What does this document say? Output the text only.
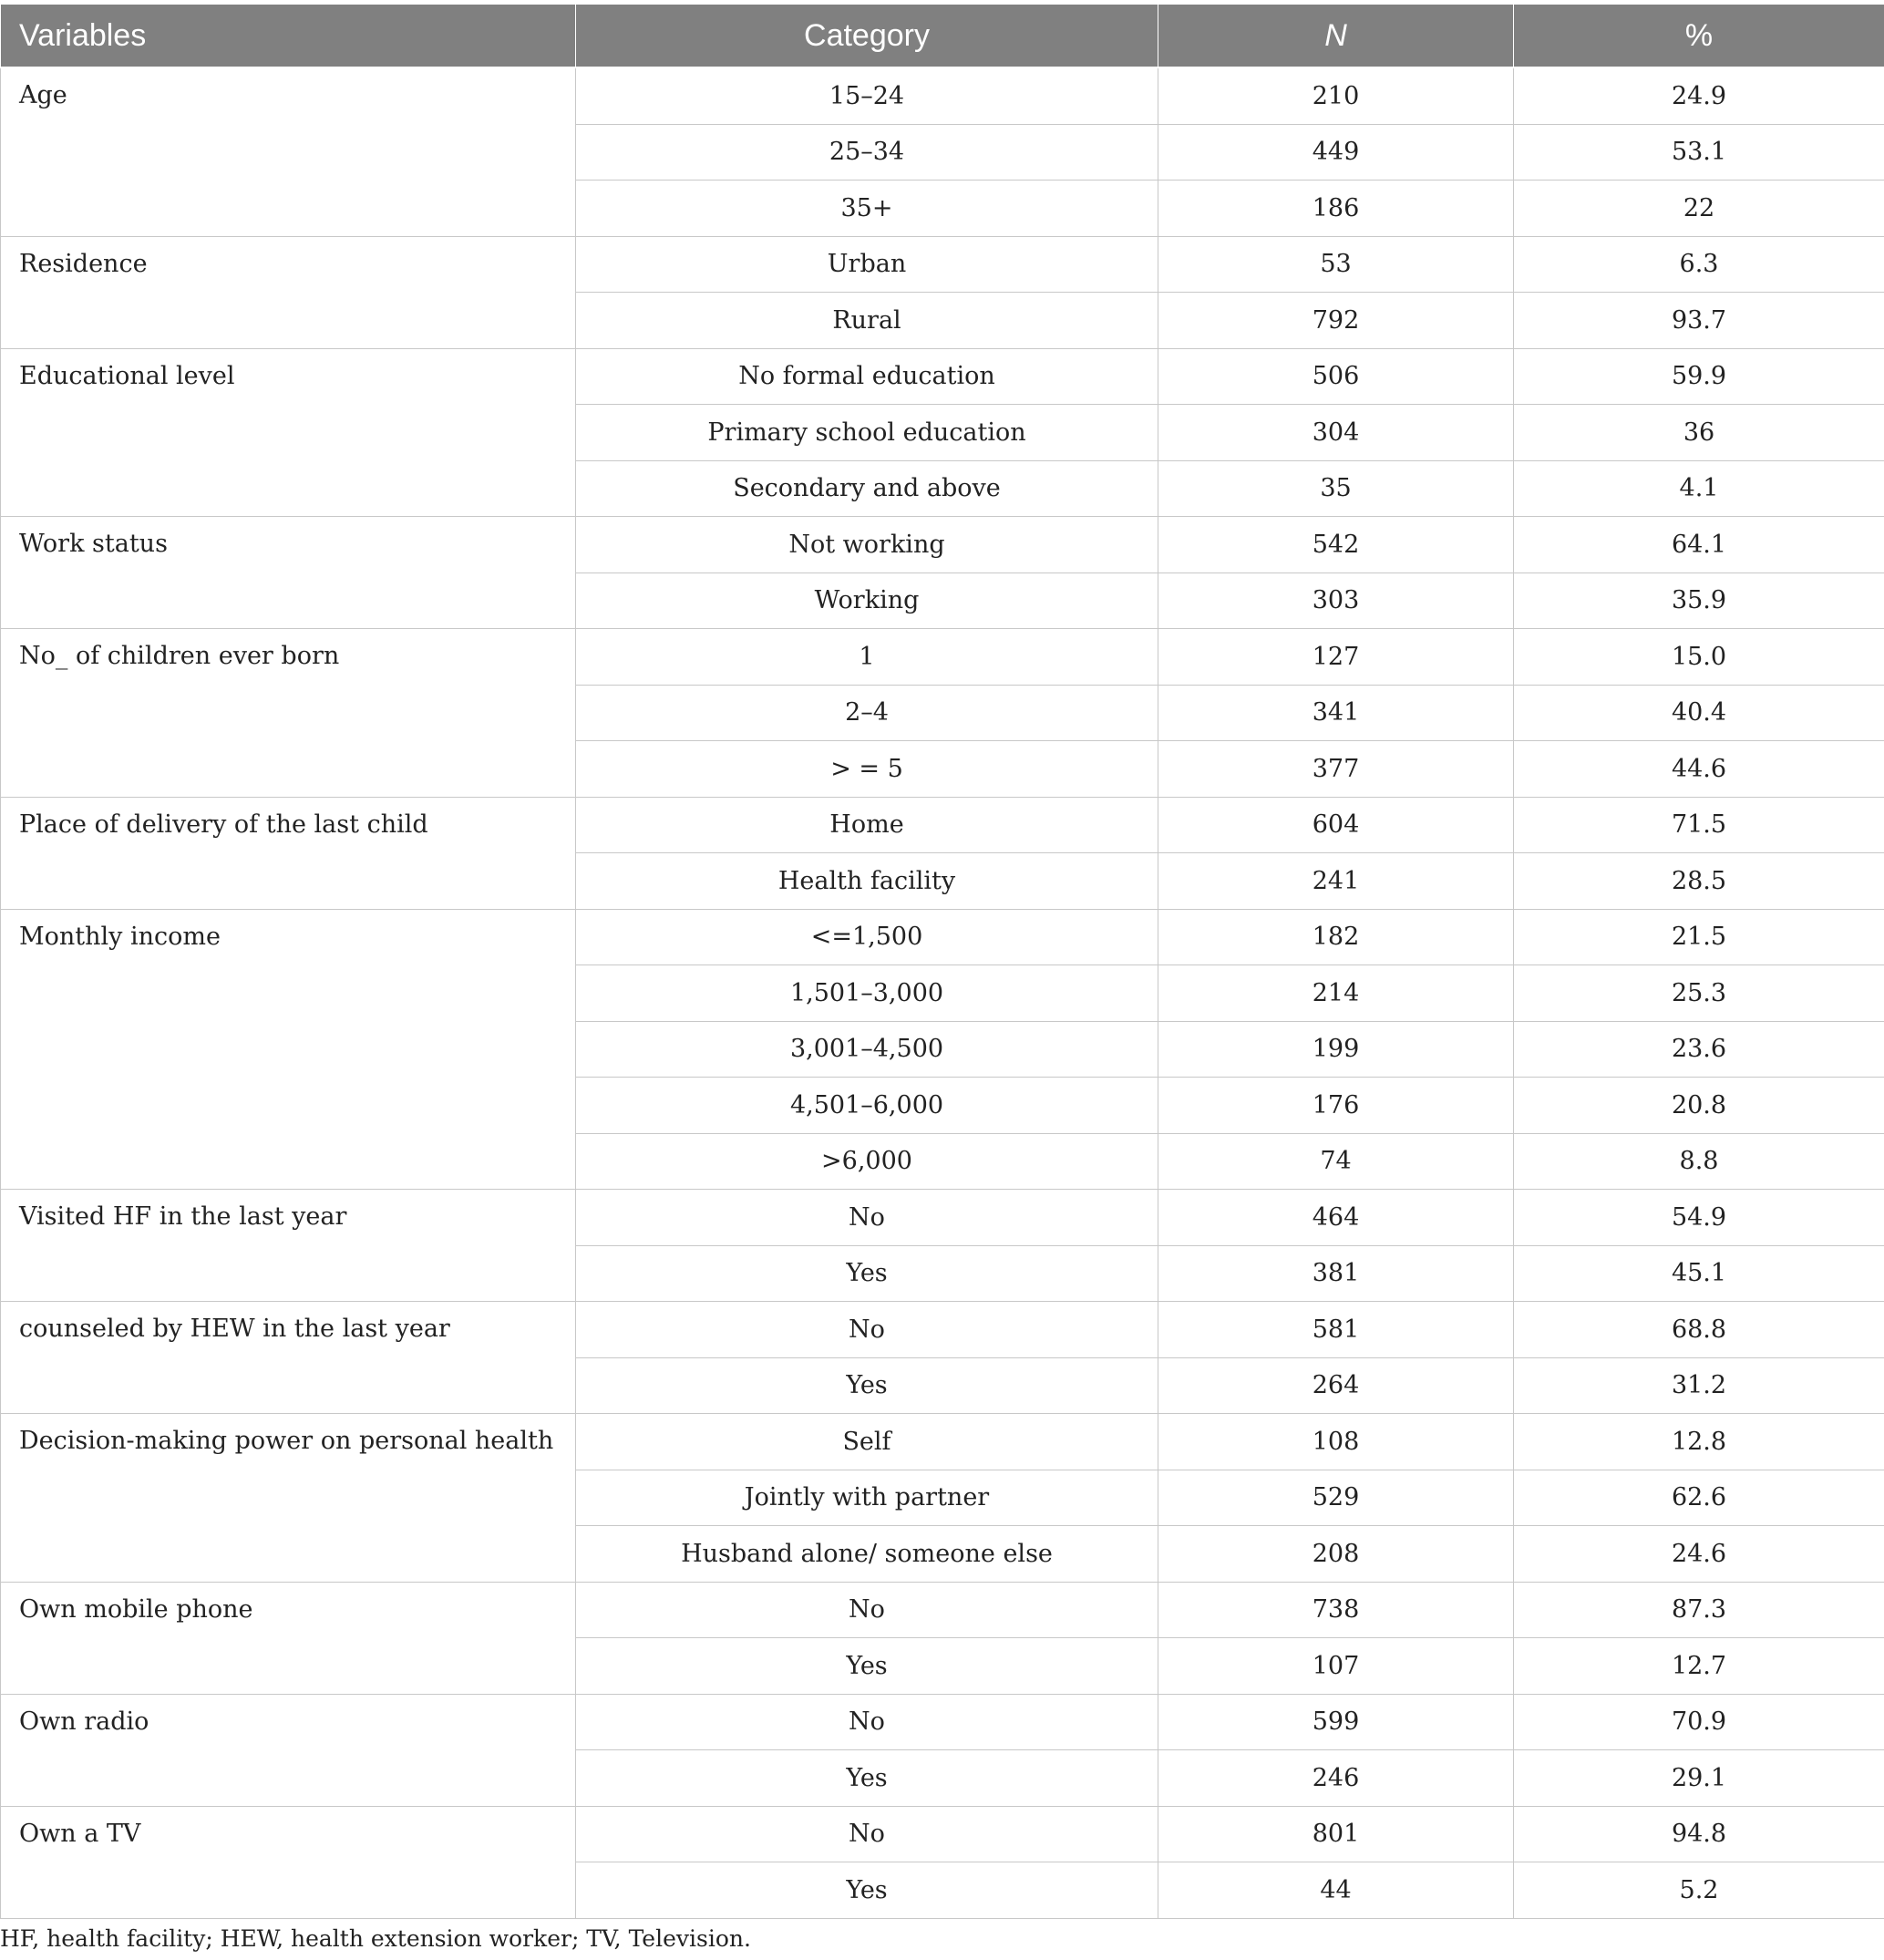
Variables	Category	N	%
Age	15–24	210	24.9
	25–34	449	53.1
	35+	186	22
Residence	Urban	53	6.3
	Rural	792	93.7
Educational level	No formal education	506	59.9
	Primary school education	304	36
	Secondary and above	35	4.1
Work status	Not working	542	64.1
	Working	303	35.9
No_ of children ever born	1	127	15.0
	2–4	341	40.4
	> = 5	377	44.6
Place of delivery of the last child	Home	604	71.5
	Health facility	241	28.5
Monthly income	<=1,500	182	21.5
	1,501–3,000	214	25.3
	3,001–4,500	199	23.6
	4,501–6,000	176	20.8
	>6,000	74	8.8
Visited HF in the last year	No	464	54.9
	Yes	381	45.1
counseled by HEW in the last year	No	581	68.8
	Yes	264	31.2
Decision-making power on personal health	Self	108	12.8
	Jointly with partner	529	62.6
	Husband alone/ someone else	208	24.6
Own mobile phone	No	738	87.3
	Yes	107	12.7
Own radio	No	599	70.9
	Yes	246	29.1
Own a TV	No	801	94.8
	Yes	44	5.2
HF, health facility; HEW, health extension worker; TV, Television.
